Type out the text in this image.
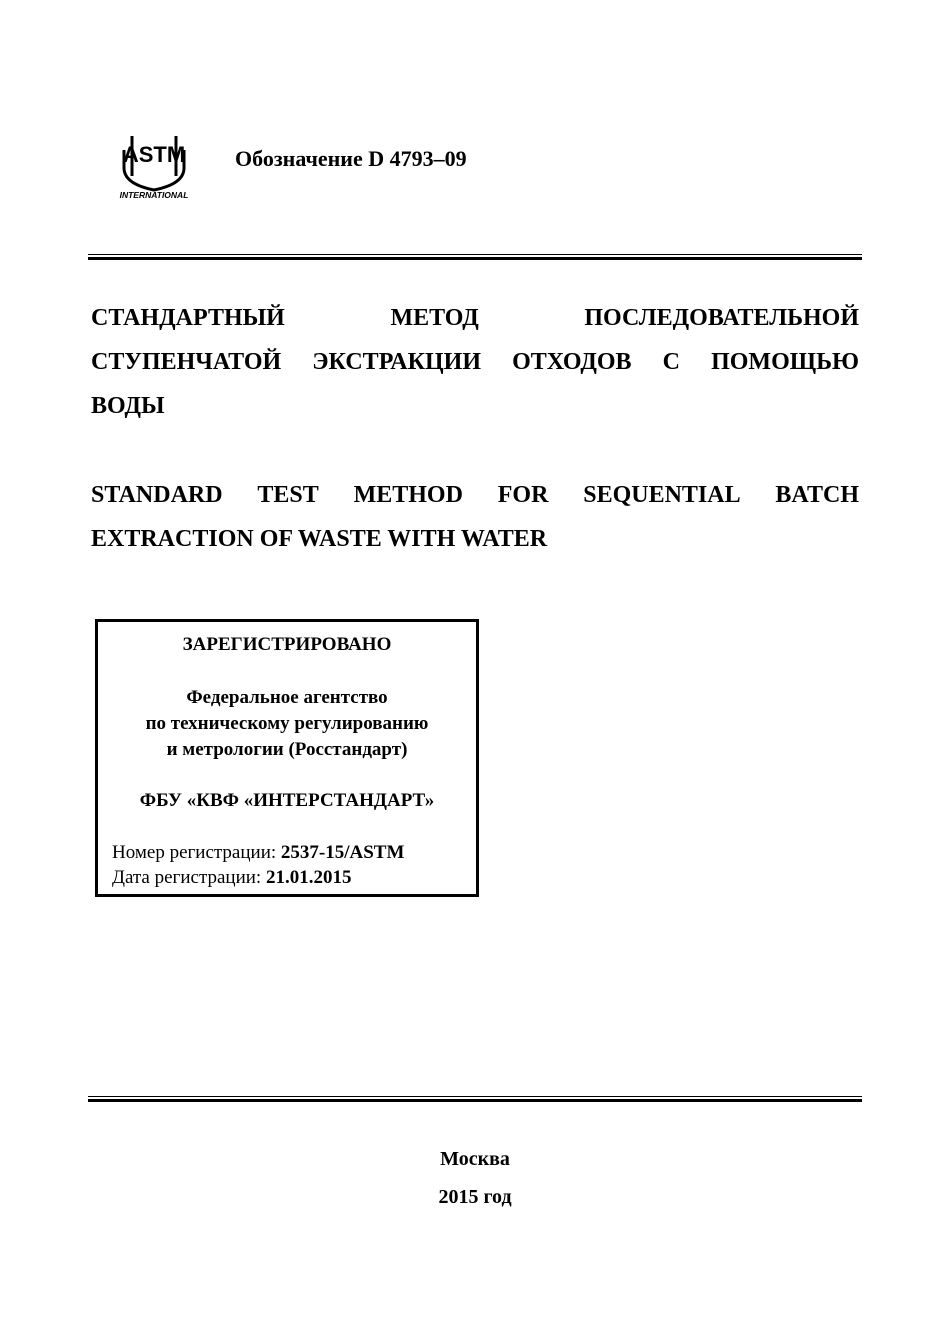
ASTM
INTERNATIONAL
Обозначение D 4793–09
СТАНДАРТНЫЙ	МЕТОД	ПОСЛЕДОВАТЕЛЬНОЙ
СТУПЕНЧАТОЙ ЭКСТРАКЦИИ ОТХОДОВ С ПОМОЩЬЮ
ВОДЫ
STANDARD TEST METHOD FOR SEQUENTIAL BATCH
EXTRACTION OF WASTE WITH WATER
ЗАРЕГИСТРИРОВАНО
Федеральное агентство
по техническому регулированию
и метрологии (Росстандарт)
ФБУ «КВФ «ИНТЕРСТАНДАРТ»
Номер регистрации: 2537-15/ASTM
Дата регистрации: 21.01.2015
Москва
2015 год
